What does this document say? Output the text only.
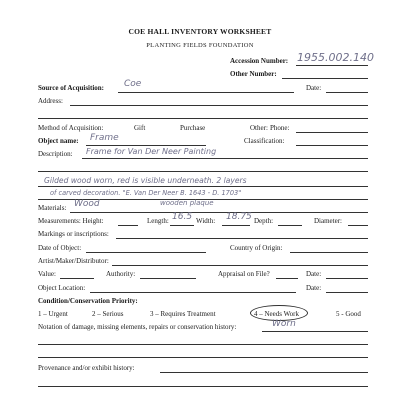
COE HALL INVENTORY WORKSHEET
PLANTING FIELDS FOUNDATION
Accession Number: 1955.002.140
Other Number:
Source of Acquisition: Coe	Date:
Address:
Phone:
Method of Acquisition:	Gift	Purchase	Other:
Object name: Frame	Classification:
Description: Frame for Van Der Neer Painting
Gilded wood worn, red is visible underneath. 2 layers
of carved decoration. "E. Van Der Neer B. 1643 - D. 1703"
Materials: Wood	wooden plaque
Measurements: Height:	Length: 16.5 Width: 18.75 Depth:	Diameter:
Markings or inscriptions:
Date of Object:	Country of Origin:
Artist/Maker/Distributor:
Value:	Authority:	Appraisal on File?	Date:
Object Location:	Date:
Condition/Conservation Priority:
1 – Urgent	2 – Serious	3 – Requires Treatment	4 – Needs Work	5 - Good
Notation of damage, missing elements, repairs or conservation history:	Worn
Provenance and/or exhibit history:
